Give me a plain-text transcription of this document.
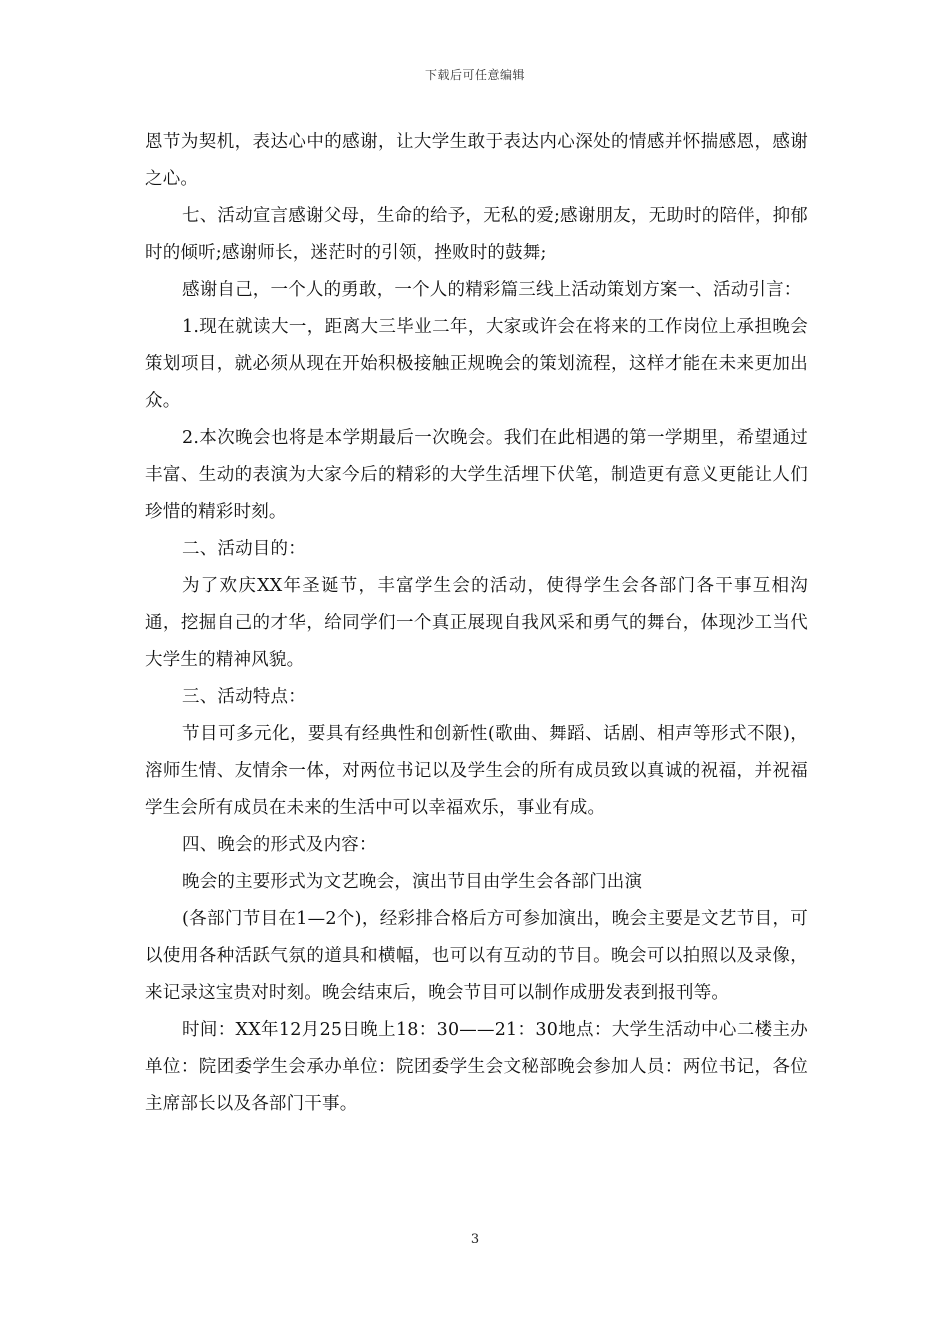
下载后可任意编辑

恩节为契机，表达心中的感谢，让大学生敢于表达内心深处的情感并怀揣感恩，感谢之心。

七、活动宣言感谢父母，生命的给予，无私的爱;感谢朋友，无助时的陪伴，抑郁时的倾听;感谢师长，迷茫时的引领，挫败时的鼓舞;

感谢自己，一个人的勇敢，一个人的精彩篇三线上活动策划方案一、活动引言：

1.现在就读大一，距离大三毕业二年，大家或许会在将来的工作岗位上承担晚会策划项目，就必须从现在开始积极接触正规晚会的策划流程，这样才能在未来更加出众。

2.本次晚会也将是本学期最后一次晚会。我们在此相遇的第一学期里，希望通过丰富、生动的表演为大家今后的精彩的大学生活埋下伏笔，制造更有意义更能让人们珍惜的精彩时刻。

二、活动目的：

为了欢庆XX年圣诞节，丰富学生会的活动，使得学生会各部门各干事互相沟通，挖掘自己的才华，给同学们一个真正展现自我风采和勇气的舞台，体现沙工当代大学生的精神风貌。

三、活动特点：

节目可多元化，要具有经典性和创新性(歌曲、舞蹈、话剧、相声等形式不限)，溶师生情、友情余一体，对两位书记以及学生会的所有成员致以真诚的祝福，并祝福学生会所有成员在未来的生活中可以幸福欢乐，事业有成。

四、晚会的形式及内容：

晚会的主要形式为文艺晚会，演出节目由学生会各部门出演

(各部门节目在1—2个)，经彩排合格后方可参加演出，晚会主要是文艺节目，可以使用各种活跃气氛的道具和横幅，也可以有互动的节目。晚会可以拍照以及录像，来记录这宝贵对时刻。晚会结束后，晚会节目可以制作成册发表到报刊等。

时间：XX年12月25日晚上18：30——21：30地点：大学生活动中心二楼主办单位：院团委学生会承办单位：院团委学生会文秘部晚会参加人员：两位书记，各位主席部长以及各部门干事。

3
